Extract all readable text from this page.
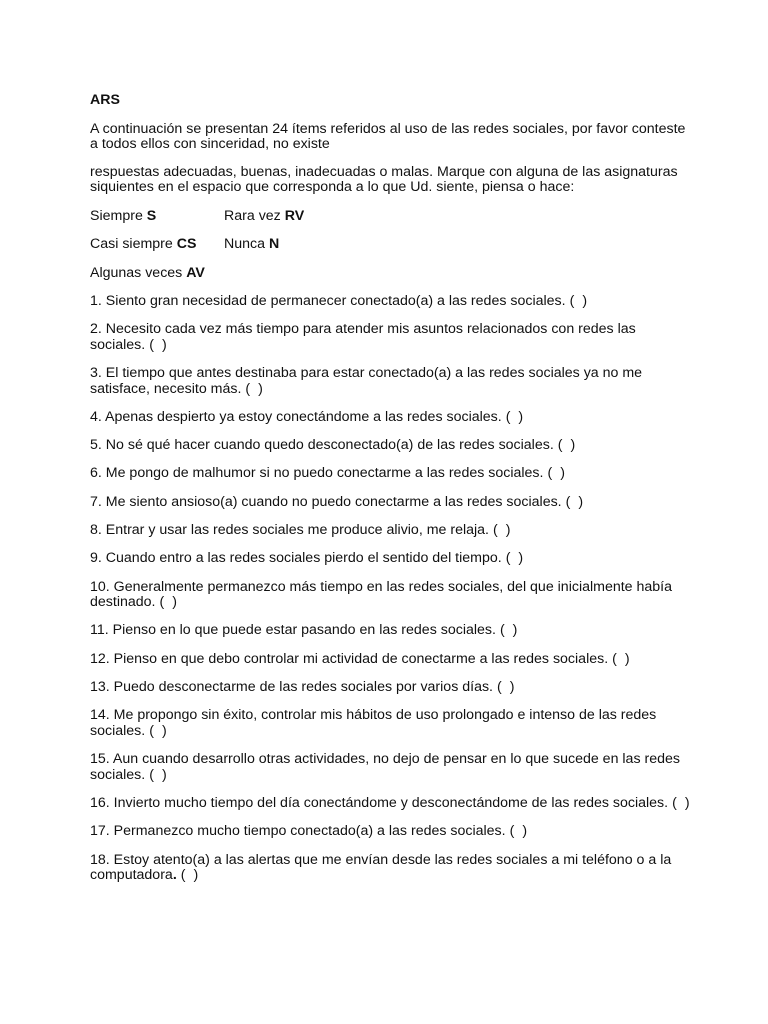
ARS

A continuación se presentan 24 ítems referidos al uso de las redes sociales, por favor conteste a todos ellos con sinceridad, no existe

respuestas adecuadas, buenas, inadecuadas o malas. Marque con alguna de las asignaturas siquientes en el espacio que corresponda a lo que Ud. siente, piensa o hace:

Siempre S	Rara vez RV
Casi siempre CS	Nunca N
Algunas veces AV

1. Siento gran necesidad de permanecer conectado(a) a las redes sociales. ( )

2. Necesito cada vez más tiempo para atender mis asuntos relacionados con redes las sociales. ( )

3. El tiempo que antes destinaba para estar conectado(a) a las redes sociales ya no me satisface, necesito más. ( )

4. Apenas despierto ya estoy conectándome a las redes sociales. ( )

5. No sé qué hacer cuando quedo desconectado(a) de las redes sociales. ( )

6. Me pongo de malhumor si no puedo conectarme a las redes sociales. ( )

7. Me siento ansioso(a) cuando no puedo conectarme a las redes sociales. ( )

8. Entrar y usar las redes sociales me produce alivio, me relaja. ( )

9. Cuando entro a las redes sociales pierdo el sentido del tiempo. ( )

10. Generalmente permanezco más tiempo en las redes sociales, del que inicialmente había destinado. ( )

11. Pienso en lo que puede estar pasando en las redes sociales. ( )

12. Pienso en que debo controlar mi actividad de conectarme a las redes sociales. ( )

13. Puedo desconectarme de las redes sociales por varios días. ( )

14. Me propongo sin éxito, controlar mis hábitos de uso prolongado e intenso de las redes sociales. ( )

15. Aun cuando desarrollo otras actividades, no dejo de pensar en lo que sucede en las redes sociales. ( )

16. Invierto mucho tiempo del día conectándome y desconectándome de las redes sociales. ( )

17. Permanezco mucho tiempo conectado(a) a las redes sociales. ( )

18. Estoy atento(a) a las alertas que me envían desde las redes sociales a mi teléfono o a la computadora. ( )
